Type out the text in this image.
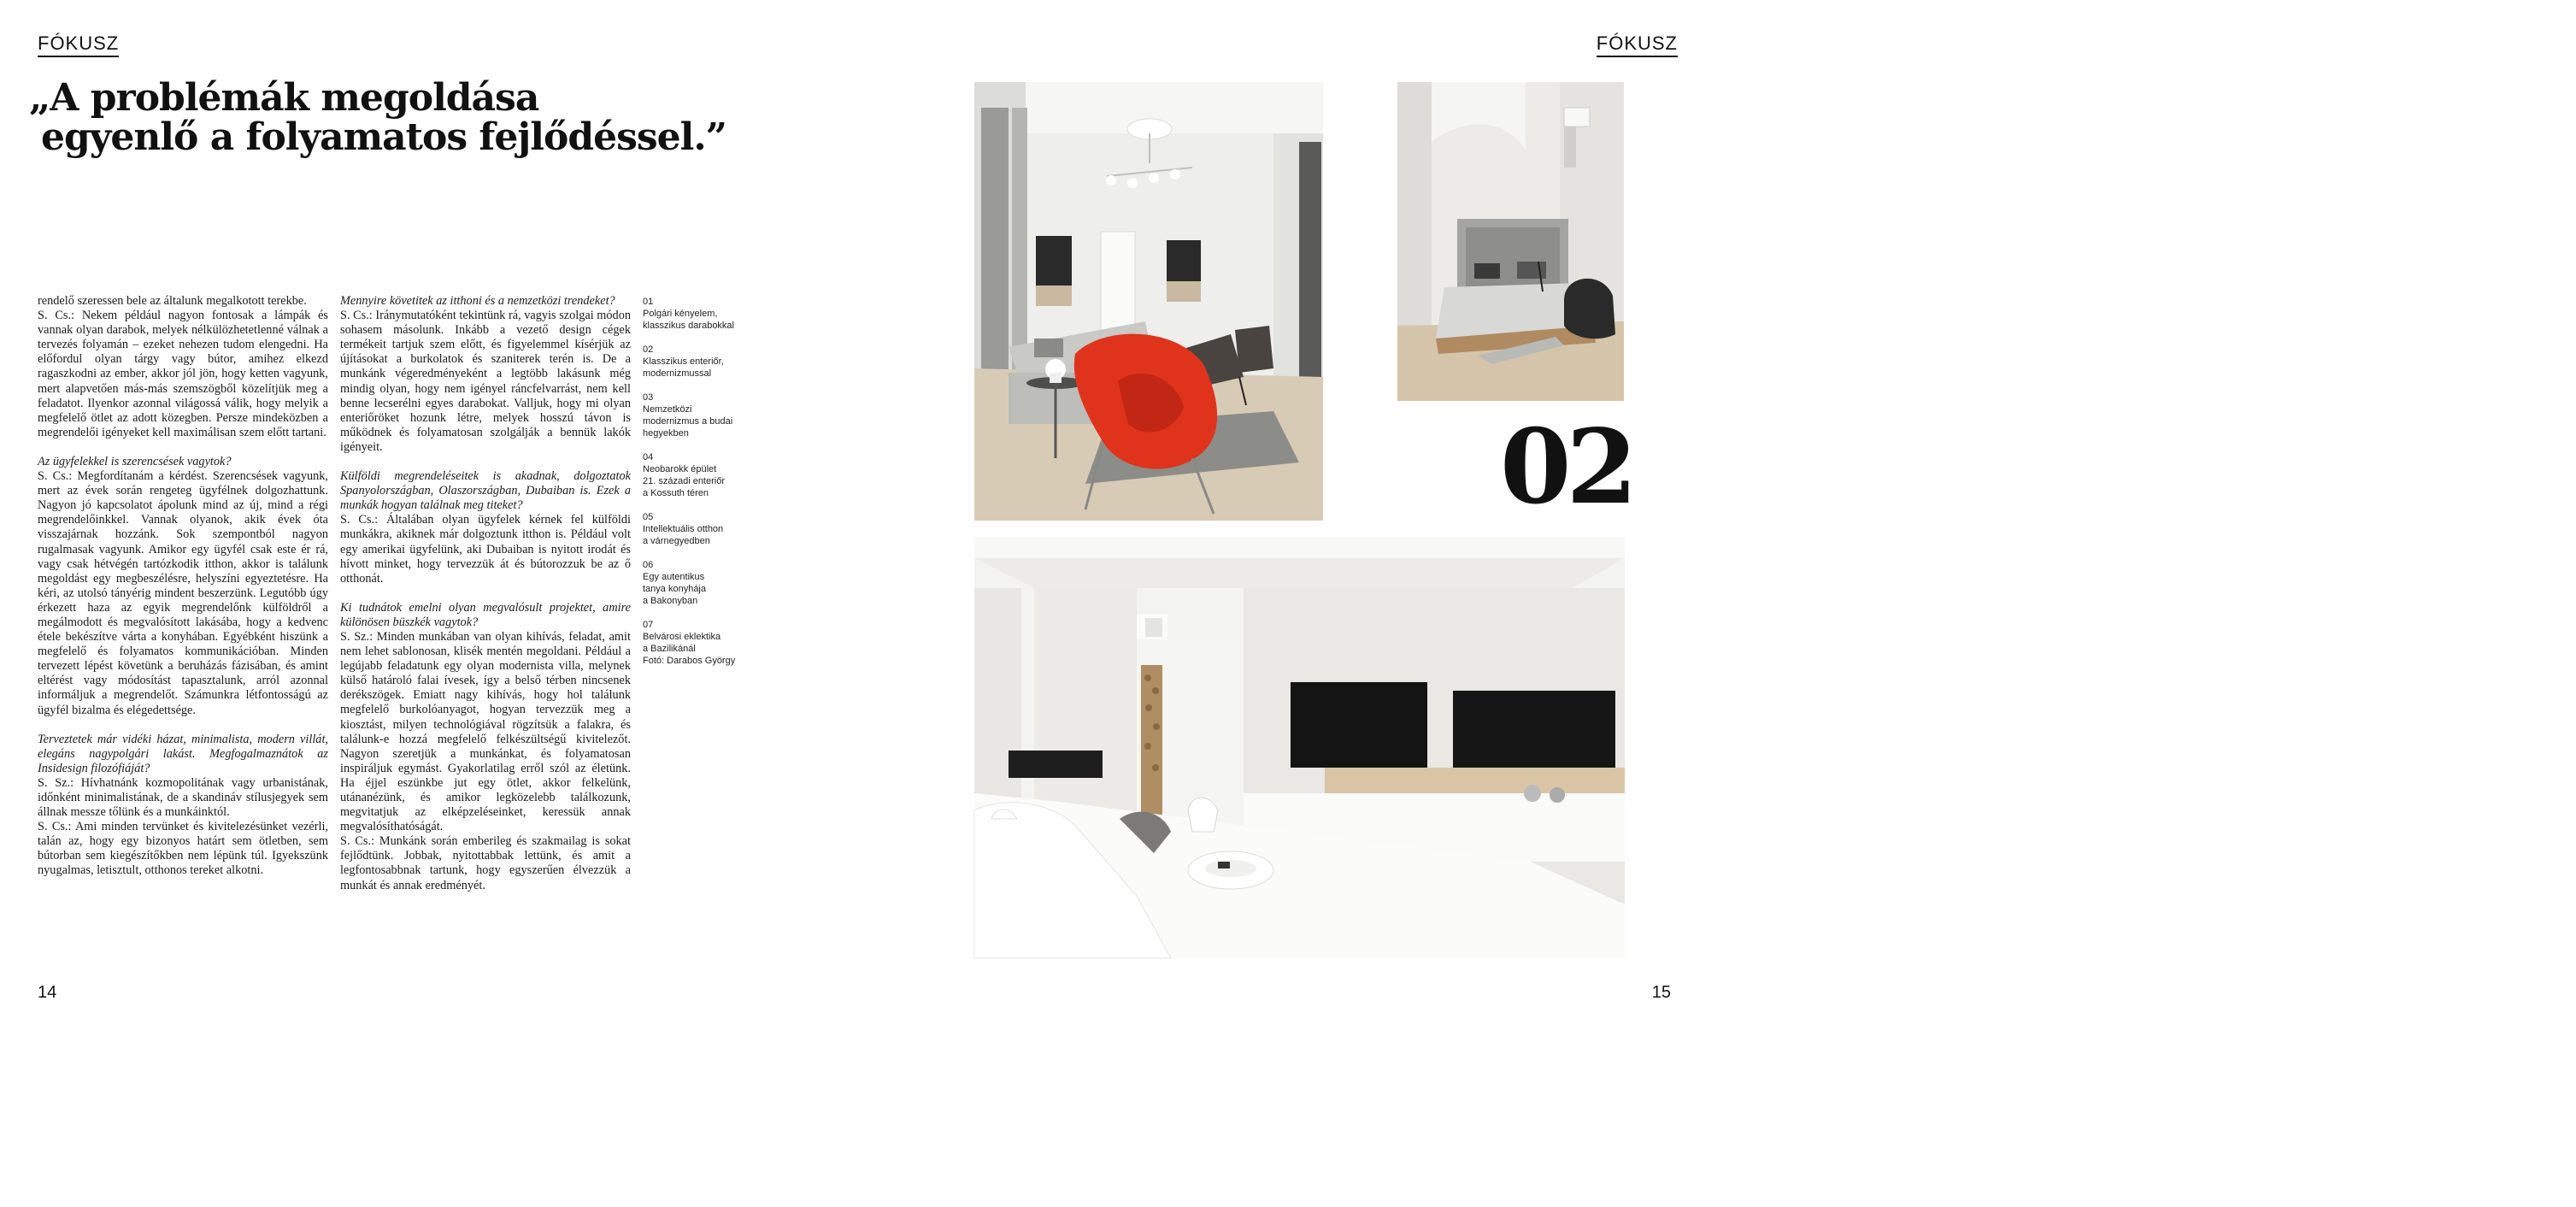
FÓKUSZ	FÓKUSZ
„A problémák megoldása
egyenlő a folyamatos fejlődéssel.”

rendelő szeressen bele az általunk megalkotott terekbe.

S. Cs.: Nekem például nagyon fontosak a lámpák és vannak olyan darabok, melyek nélkülözhetetlenné válnak a tervezés folyamán – ezeket nehezen tudom elengedni. Ha előfordul olyan tárgy vagy bútor, amihez elkezd ragaszkodni az ember, akkor jól jön, hogy ketten vagyunk, mert alapvetően más-más szemszögből közelítjük meg a feladatot. Ilyenkor azonnal világossá válik, hogy melyik a megfelelő ötlet az adott közegben. Persze mindeközben a megrendelői igényeket kell maximálisan szem előtt tartani.

Az ügyfelekkel is szerencsések vagytok?

S. Cs.: Megfordítanám a kérdést. Szerencsések vagyunk, mert az évek során rengeteg ügyfélnek dolgozhattunk. Nagyon jó kapcsolatot ápolunk mind az új, mind a régi megrendelőinkkel. Vannak olyanok, akik évek óta visszajárnak hozzánk. Sok szempontból nagyon rugalmasak vagyunk. Amikor egy ügyfél csak este ér rá, vagy csak hétvégén tartózkodik itthon, akkor is találunk megoldást egy megbeszélésre, helyszíni egyeztetésre. Ha kéri, az utolsó tányérig mindent beszerzünk. Legutóbb úgy érkezett haza az egyik megrendelőnk külföldről a megálmodott és megvalósított lakásába, hogy a kedvenc étele bekészítve várta a konyhában. Egyébként hiszünk a megfelelő és folyamatos kommunikációban. Minden tervezett lépést követünk a beruházás fázisában, és amint eltérést vagy módosítást tapasztalunk, arról azonnal informáljuk a megrendelőt. Számunkra létfontosságú az ügyfél bizalma és elégedettsége.

Terveztetek már vidéki házat, minimalista, modern villát, elegáns nagypolgári lakást. Megfogalmaznátok az Insidesign filozófiáját?

S. Sz.: Hívhatnánk kozmopolitának vagy urbanistának, időnként minimalistának, de a skandináv stílusjegyek sem állnak messze tőlünk és a munkáinktól.

S. Cs.: Ami minden tervünket és kivitelezésünket vezérli, talán az, hogy egy bizonyos határt sem ötletben, sem bútorban sem kiegészítőkben nem lépünk túl. Igyekszünk nyugalmas, letisztult, otthonos tereket alkotni.

Mennyire követitek az itthoni és a nemzetközi trendeket?

S. Cs.: Iránymutatóként tekintünk rá, vagyis szolgai módon sohasem másolunk. Inkább a vezető design cégek termékeit tartjuk szem előtt, és figyelemmel kísérjük az újításokat a burkolatok és szaniterek terén is. De a munkánk végeredményeként a legtöbb lakásunk még mindig olyan, hogy nem igényel ráncfelvarrást, nem kell benne lecserélni egyes darabokat. Valljuk, hogy mi olyan enteriőröket hozunk létre, melyek hosszú távon is működnek és folyamatosan szolgálják a bennük lakók igényeit.

Külföldi megrendeléseitek is akadnak, dolgoztatok Spanyolországban, Olaszországban, Dubaiban is. Ezek a munkák hogyan találnak meg titeket?

S. Cs.: Általában olyan ügyfelek kérnek fel külföldi munkákra, akiknek már dolgoztunk itthon is. Például volt egy amerikai ügyfelünk, aki Dubaiban is nyitott irodát és hívott minket, hogy tervezzük át és bútorozzuk be az ő otthonát.

Ki tudnátok emelni olyan megvalósult projektet, amire különösen büszkék vagytok?

S. Sz.: Minden munkában van olyan kihívás, feladat, amit nem lehet sablonosan, klisék mentén megoldani. Például a legújabb feladatunk egy olyan modernista villa, melynek külső határoló falai ívesek, így a belső térben nincsenek derékszögek. Emiatt nagy kihívás, hogy hol találunk megfelelő burkolóanyagot, hogyan tervezzük meg a kiosztást, milyen technológiával rögzítsük a falakra, és találunk-e hozzá megfelelő felkészültségű kivitelezőt. Nagyon szeretjük a munkánkat, és folyamatosan inspiráljuk egymást. Gyakorlatilag erről szól az életünk. Ha éjjel eszünkbe jut egy ötlet, akkor felkelünk, utánanézünk, és amikor legközelebb találkozunk, megvitatjuk az elképzeléseinket, keressük annak megvalósíthatóságát.

S. Cs.: Munkánk során emberileg és szakmailag is sokat fejlődtünk. Jobbak, nyitottabbak lettünk, és amit a legfontosabbnak tartunk, hogy egyszerűen élvezzük a munkát és annak eredményét.

01
Polgári kényelem,
klasszikus darabokkal
02
Klasszikus enteriőr,
modernizmussal
03
Nemzetközi
modernizmus a budai
hegyekben
04
Neobarokk épület
21. századi enteriőr
a Kossuth téren
05
Intellektuális otthon
a várnegyedben
06
Egy autentikus
tanya konyhája
a Bakonyban
07
Belvárosi eklektika
a Bazilikánál
Fotó: Darabos György
01
02
03
14	15
